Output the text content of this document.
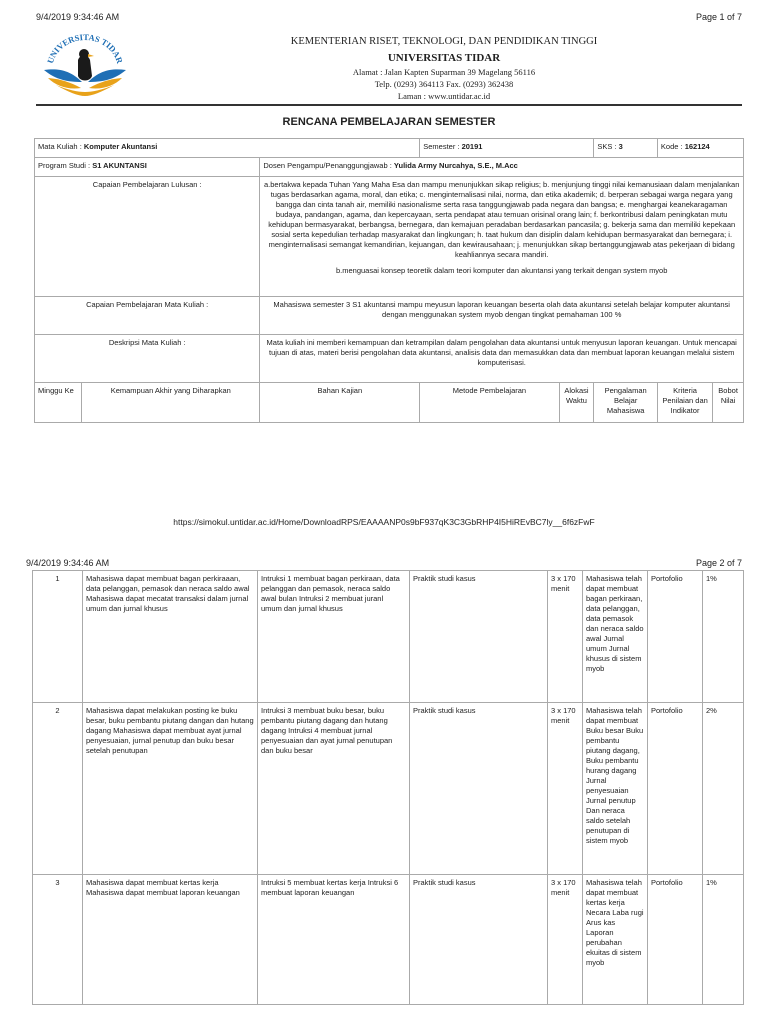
9/4/2019 9:34:46 AM	Page 1 of 7
UNIVERSITAS TIDAR
KEMENTERIAN RISET, TEKNOLOGI, DAN PENDIDIKAN TINGGI
UNIVERSITAS TIDAR
Alamat : Jalan Kapten Suparman 39 Magelang 56116
Telp. (0293) 364113 Fax. (0293) 362438
Laman : www.untidar.ac.id
RENCANA PEMBELAJARAN SEMESTER
Mata Kuliah : Komputer Akuntansi			Semester : 20191		SKS : 3	Kode : 162124	
Program Studi : S1 AKUNTANSI		Dosen Pengampu/Penanggungjawab : Yulida Army Nurcahya, S.E., M.Acc					
Capaian Pembelajaran Lulusan :		a.bertakwa kepada Tuhan Yang Maha Esa dan mampu menunjukkan sikap religius; b. menjunjung tinggi nilai kemanusiaan dalam menjalankan tugas berdasarkan agama, moral, dan etika; c. menginternalisasi nilai, norma, dan etika akademik; d. berperan sebagai warga negara yang bangga dan cinta tanah air, memiliki nasionalisme serta rasa tanggungjawab pada negara dan bangsa; e. menghargai keanekaragaman budaya, pandangan, agama, dan kepercayaan, serta pendapat atau temuan orisinal orang lain; f. berkontribusi dalam peningkatan mutu kehidupan bermasyarakat, berbangsa, bernegara, dan kemajuan peradaban berdasarkan pancasila; g. bekerja sama dan memiliki kepekaan sosial serta kepedulian terhadap masyarakat dan lingkungan; h. taat hukum dan disiplin dalam kehidupan bermasyarakat dan bernegara; i. menginternalisasi semangat kemandirian, kejuangan, dan kewirausahaan; j. menunjukkan sikap bertanggungjawab atas pekerjaan di bidang keahliannya secara mandiri.
b.menguasai konsep teoretik dalam teori komputer dan akuntansi yang terkait dengan system myob					

Capaian Pembelajaran Mata Kuliah :		Mahasiswa semester 3 S1 akuntansi mampu meyusun laporan keuangan beserta olah data akuntansi setelah belajar komputer akuntansi dengan menggunakan system myob dengan tingkat pemahaman 100 %					
Deskripsi Mata Kuliah :		Mata kuliah ini memberi kemampuan dan ketrampilan dalam pengolahan data akuntansi untuk menyusun laporan keuangan. Untuk mencapai tujuan di atas, materi berisi pengolahan data akuntansi, analisis data dan memasukkan data dan membuat laporan keuangan melalui sistem komputerisasi.					
Minggu Ke	Kemampuan Akhir yang Diharapkan	Bahan Kajian	Metode Pembelajaran	Alokasi Waktu	Pengalaman Belajar Mahasiswa	Kriteria Penilaian dan Indikator	Bobot Nilai
https://simokul.untidar.ac.id/Home/DownloadRPS/EAAAANP0s9bF937qK3C3GbRHP4I5HiREvBC7ly__6f6zFwF
9/4/2019 9:34:46 AM	Page 2 of 7
1	Mahasiswa dapat membuat bagan perkiraaan, data pelanggan, pemasok dan neraca saldo awal Mahasiswa dapat mecatat transaksi dalam jurnal umum dan jurnal khusus	Intruksi 1 membuat bagan perkiraan, data pelanggan dan pemasok, neraca saldo awal bulan Intruksi 2 membuat juranl umum dan jurnal khusus	Praktik studi kasus	3 x 170 menit	Mahasiswa telah dapat membuat bagan perkiraan, data pelanggan, data pemasok dan neraca saldo awal Jurnal umum Jurnal khusus di sistem myob	Portofolio	1%
2	Mahasiswa dapat melakukan posting ke buku besar, buku pembantu piutang dangan dan hutang dagang Mahasiswa dapat membuat ayat jurnal penyesuaian, jurnal penutup dan buku besar setelah penutupan	Intruksi 3 membuat buku besar, buku pembantu piutang dagang dan hutang dagang Intruksi 4 membuat jurnal penyesuaian dan ayat jurnal penutupan dan buku besar	Praktik studi kasus	3 x 170 menit	Mahasiswa telah dapat membuat Buku besar Buku pembantu piutang dagang, Buku pembantu hurang dagang Jurnal penyesuaian Jurnal penutup Dan neraca saldo setelah penutupan di sistem myob	Portofolio	2%
3	Mahasiswa dapat membuat kertas kerja Mahasiswa dapat membuat laporan keuangan	Intruksi 5 membuat kertas kerja Intruksi 6 membuat laporan keuangan	Praktik studi kasus	3 x 170 menit	Mahasiswa telah dapat membuat kertas kerja Necara Laba rugi Arus kas Laporan perubahan ekuitas di sistem myob	Portofolio	1%
